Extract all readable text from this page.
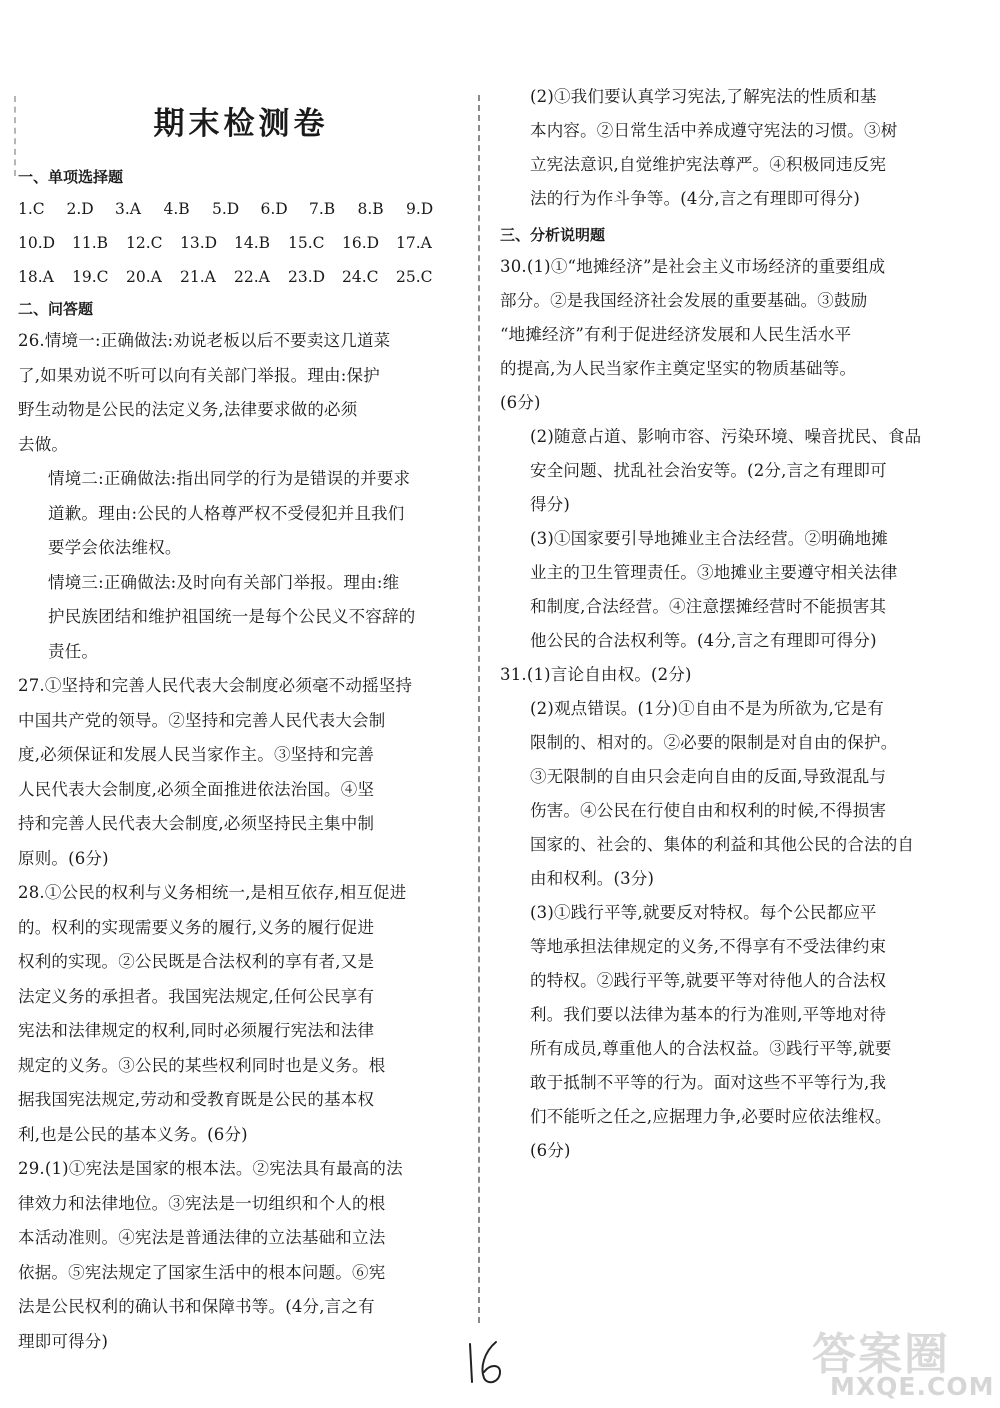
期末检测卷
一、单项选择题
1.C	2.D	3.A	4.B	5.D	6.D	7.B	8.B	9.D
10.D	11.B	12.C	13.D	14.B	15.C	16.D	17.A
18.A	19.C	20.A	21.A	22.A	23.D	24.C	25.C
二、问答题
26.情境一:正确做法:劝说老板以后不要卖这几道菜
了,如果劝说不听可以向有关部门举报。理由:保护
野生动物是公民的法定义务,法律要求做的必须
去做。
情境二:正确做法:指出同学的行为是错误的并要求
道歉。理由:公民的人格尊严权不受侵犯并且我们
要学会依法维权。
情境三:正确做法:及时向有关部门举报。理由:维
护民族团结和维护祖国统一是每个公民义不容辞的
责任。
27.①坚持和完善人民代表大会制度必须毫不动摇坚持
中国共产党的领导。②坚持和完善人民代表大会制
度,必须保证和发展人民当家作主。③坚持和完善
人民代表大会制度,必须全面推进依法治国。④坚
持和完善人民代表大会制度,必须坚持民主集中制
原则。(6分)
28.①公民的权利与义务相统一,是相互依存,相互促进
的。权利的实现需要义务的履行,义务的履行促进
权利的实现。②公民既是合法权利的享有者,又是
法定义务的承担者。我国宪法规定,任何公民享有
宪法和法律规定的权利,同时必须履行宪法和法律
规定的义务。③公民的某些权利同时也是义务。根
据我国宪法规定,劳动和受教育既是公民的基本权
利,也是公民的基本义务。(6分)
29.(1)①宪法是国家的根本法。②宪法具有最高的法
律效力和法律地位。③宪法是一切组织和个人的根
本活动准则。④宪法是普通法律的立法基础和立法
依据。⑤宪法规定了国家生活中的根本问题。⑥宪
法是公民权利的确认书和保障书等。(4分,言之有
理即可得分)
(2)①我们要认真学习宪法,了解宪法的性质和基
本内容。②日常生活中养成遵守宪法的习惯。③树
立宪法意识,自觉维护宪法尊严。④积极同违反宪
法的行为作斗争等。(4分,言之有理即可得分)
三、分析说明题
30.(1)①“地摊经济”是社会主义市场经济的重要组成
部分。②是我国经济社会发展的重要基础。③鼓励
“地摊经济”有利于促进经济发展和人民生活水平
的提高,为人民当家作主奠定坚实的物质基础等。
(6分)
(2)随意占道、影响市容、污染环境、噪音扰民、食品
安全问题、扰乱社会治安等。(2分,言之有理即可
得分)
(3)①国家要引导地摊业主合法经营。②明确地摊
业主的卫生管理责任。③地摊业主要遵守相关法律
和制度,合法经营。④注意摆摊经营时不能损害其
他公民的合法权利等。(4分,言之有理即可得分)
31.(1)言论自由权。(2分)
(2)观点错误。(1分)①自由不是为所欲为,它是有
限制的、相对的。②必要的限制是对自由的保护。
③无限制的自由只会走向自由的反面,导致混乱与
伤害。④公民在行使自由和权利的时候,不得损害
国家的、社会的、集体的利益和其他公民的合法的自
由和权利。(3分)
(3)①践行平等,就要反对特权。每个公民都应平
等地承担法律规定的义务,不得享有不受法律约束
的特权。②践行平等,就要平等对待他人的合法权
利。我们要以法律为基本的行为准则,平等地对待
所有成员,尊重他人的合法权益。③践行平等,就要
敢于抵制不平等的行为。面对这些不平等行为,我
们不能听之任之,应据理力争,必要时应依法维权。
(6分)
答案圈
MXQE.COM
